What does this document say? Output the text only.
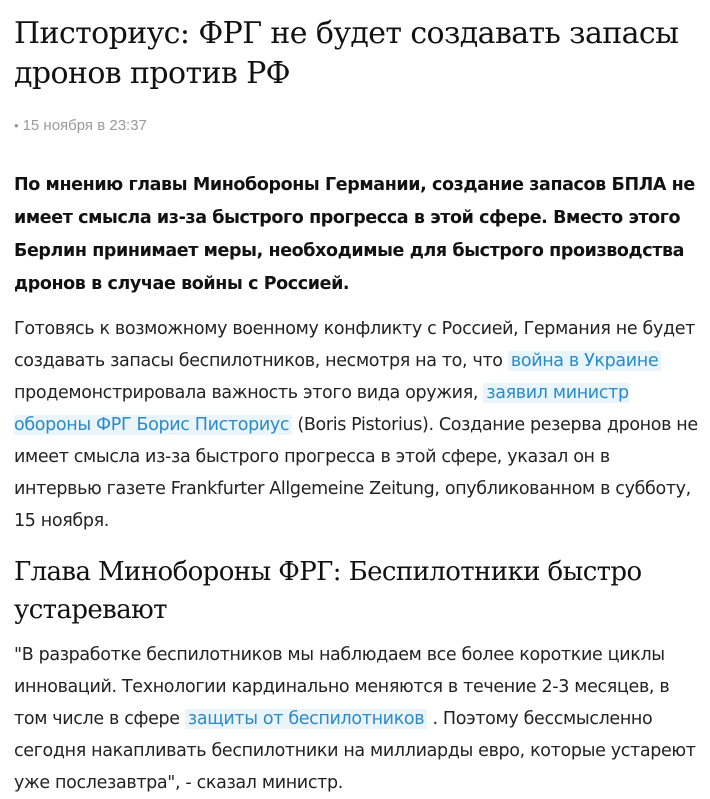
Писториус: ФРГ не будет создавать запасы дронов против РФ
• 15 ноября в 23:37

По мнению главы Минобороны Германии, создание запасов БПЛА не имеет смысла из-за быстрого прогресса в этой сфере. Вместо этого Берлин принимает меры, необходимые для быстрого производства дронов в случае войны с Россией.

Готовясь к возможному военному конфликту с Россией, Германия не будет создавать запасы беспилотников, несмотря на то, что война в Украине продемонстрировала важность этого вида оружия, заявил министр обороны ФРГ Борис Писториус (Boris Pistorius). Создание резерва дронов не имеет смысла из-за быстрого прогресса в этой сфере, указал он в интервью газете Frankfurter Allgemeine Zeitung, опубликованном в субботу, 15 ноября.

Глава Минобороны ФРГ: Беспилотники быстро устаревают

"В разработке беспилотников мы наблюдаем все более короткие циклы инноваций. Технологии кардинально меняются в течение 2-3 месяцев, в том числе в сфере защиты от беспилотников . Поэтому бессмысленно сегодня накапливать беспилотники на миллиарды евро, которые устареют уже послезавтра", - сказал министр.
